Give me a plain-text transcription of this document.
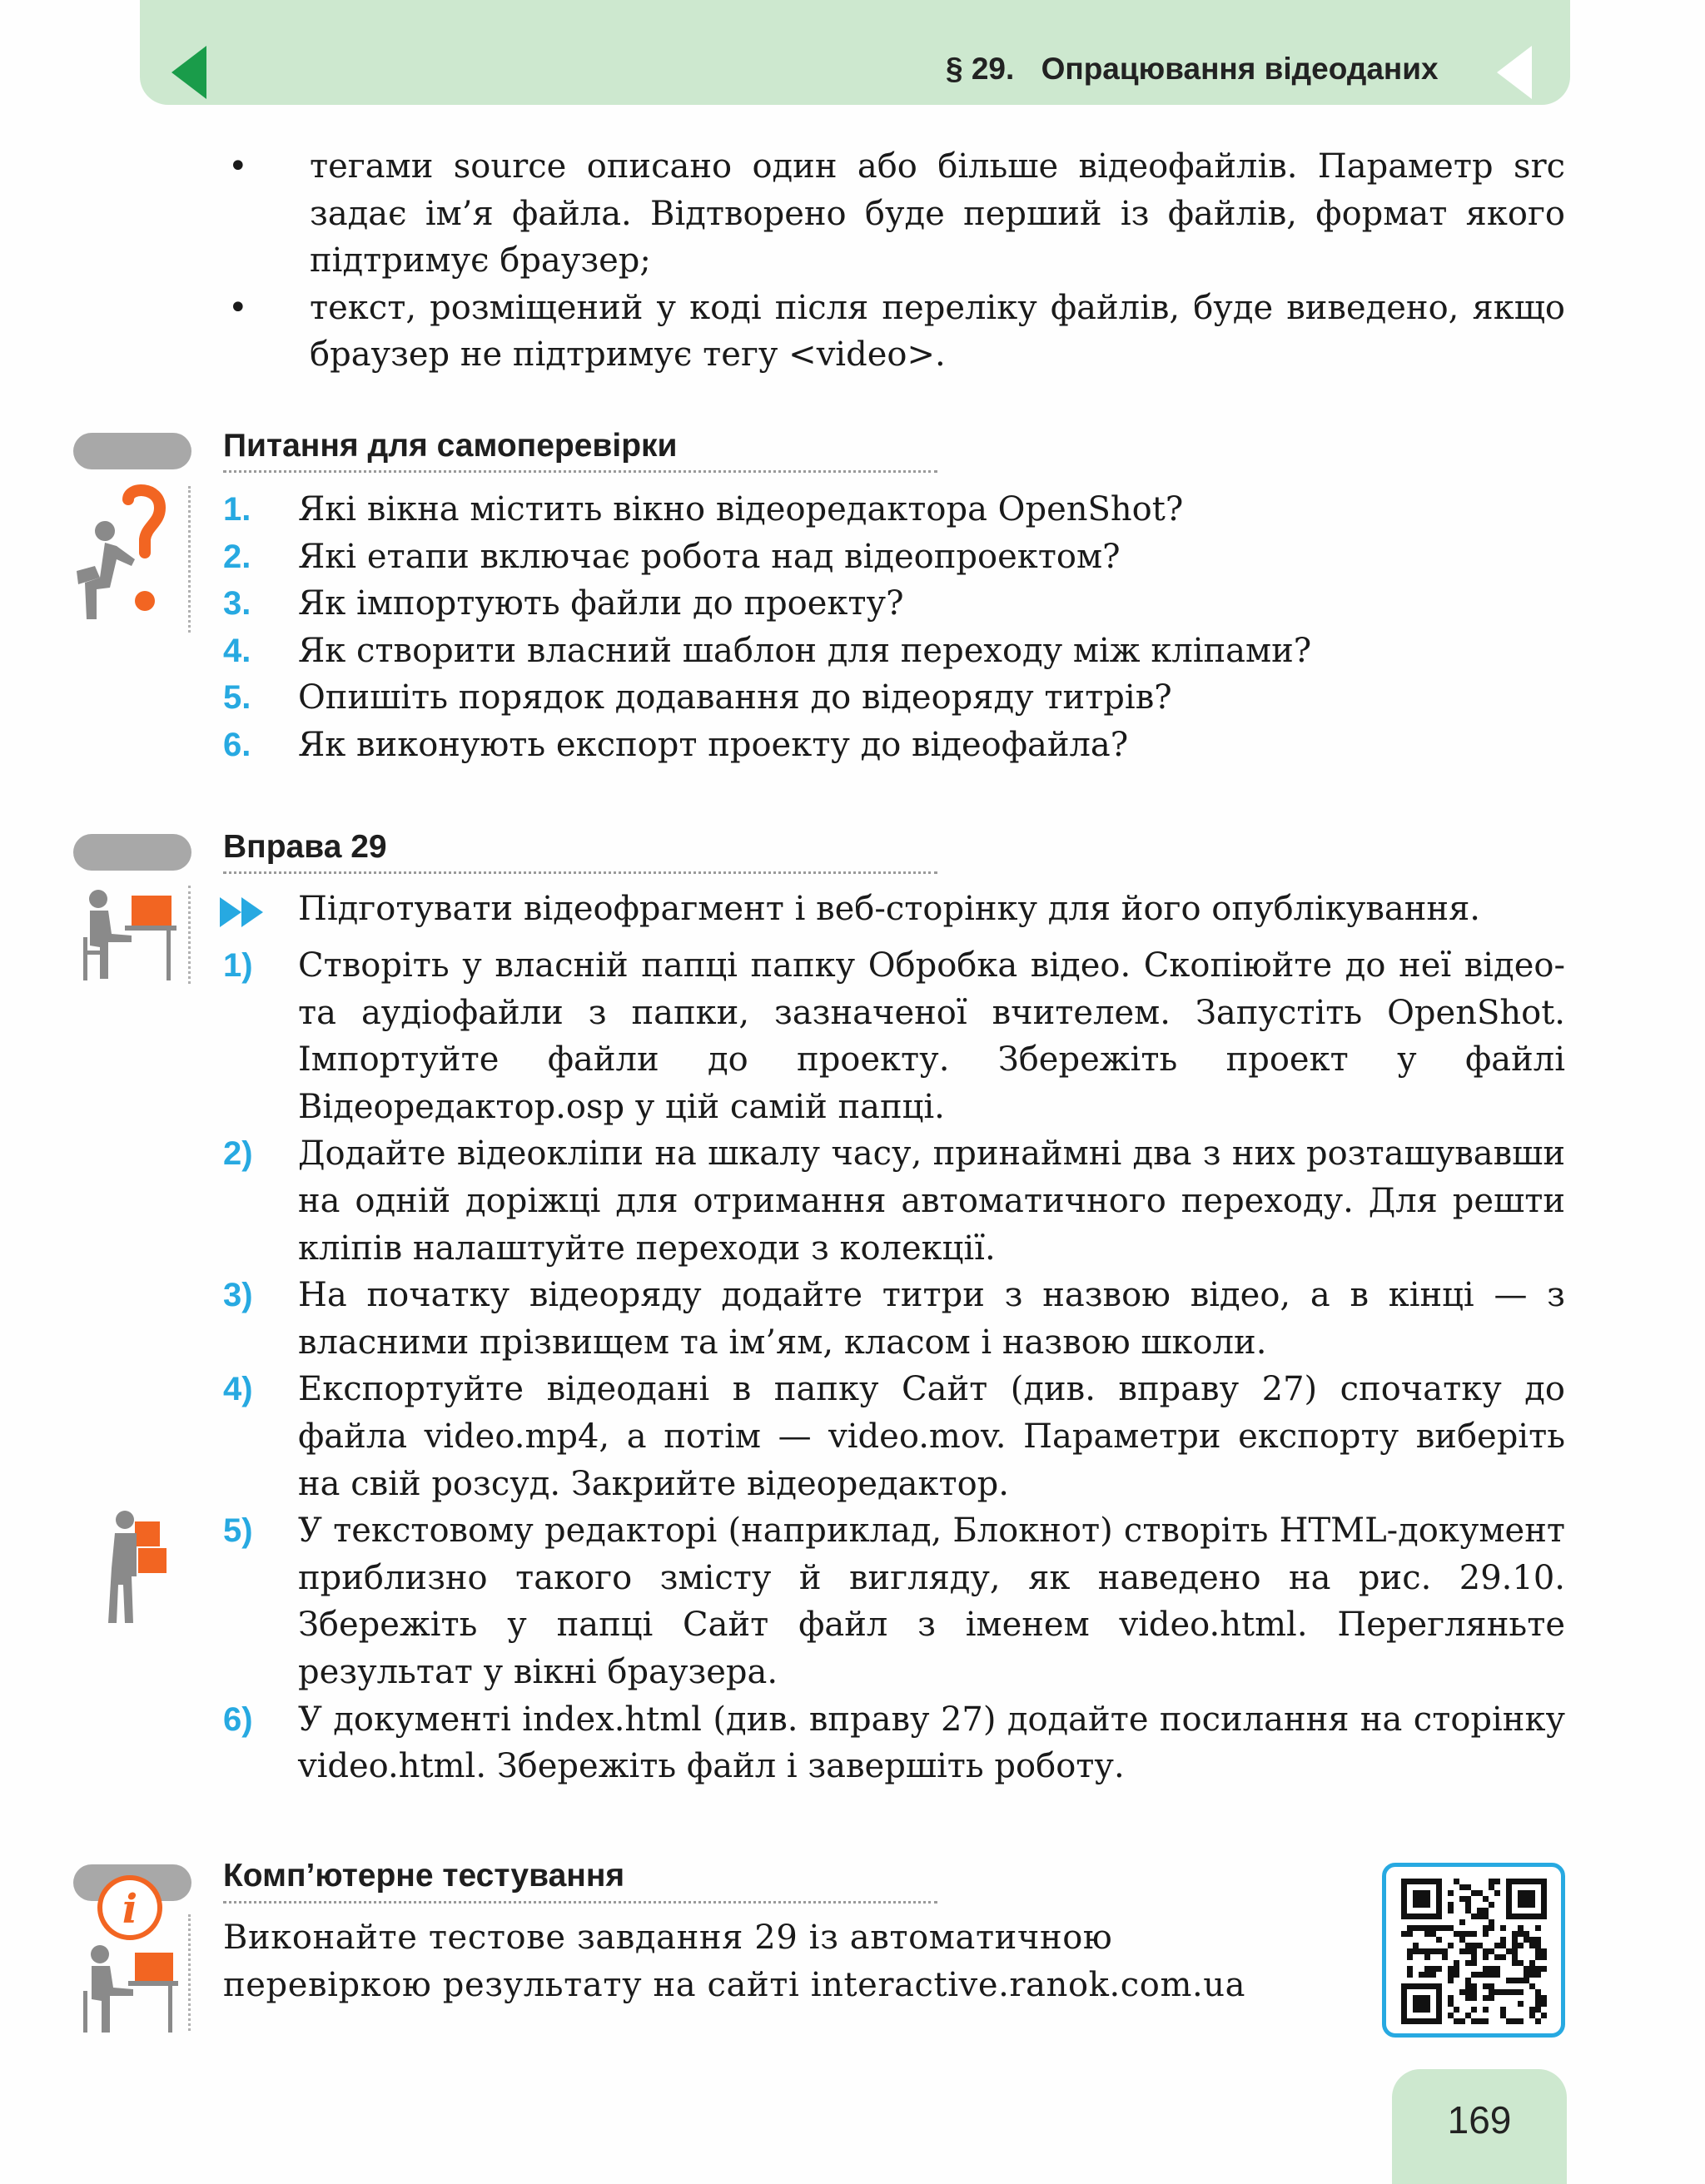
§ 29. Опрацювання відеоданих
• тегами source описано один або більше відеофайлів. Параметр src задає ім’я файла. Відтворено буде перший із файлів, формат якого підтримує браузер;
• текст, розміщений у коді після переліку файлів, буде виведено, якщо браузер не підтримує тегу <video>.
Питання для самоперевірки
1. Які вікна містить вікно відеоредактора OpenShot?
2. Які етапи включає робота над відеопроектом?
3. Як імпортують файли до проекту?
4. Як створити власний шаблон для переходу між кліпами?
5. Опишіть порядок додавання до відеоряду титрів?
6. Як виконують експорт проекту до відеофайла?
Вправа 29
Підготувати відеофрагмент і веб-сторінку для його опублікування.
1) Створіть у власній папці папку Обробка відео. Скопіюйте до неї відео- та аудіофайли з папки, зазначеної вчителем. Запустіть OpenShot. Імпортуйте файли до проекту. Збережіть проект у файлі Відеоредактор.osp у цій самій папці.
2) Додайте відеокліпи на шкалу часу, принаймні два з них розташувавши на одній доріжці для отримання автоматичного переходу. Для решти кліпів налаштуйте переходи з колекції.
3) На початку відеоряду додайте титри з назвою відео, а в кінці — з власними прізвищем та ім’ям, класом і назвою школи.
4) Експортуйте відеодані в папку Сайт (див. вправу 27) спочатку до файла video.mp4, а потім — video.mov. Параметри експорту виберіть на свій розсуд. Закрийте відеоредактор.
5) У текстовому редакторі (наприклад, Блокнот) створіть HTML-документ приблизно такого змісту й вигляду, як наведено на рис. 29.10. Збережіть у папці Сайт файл з іменем video.html. Перегляньте результат у вікні браузера.
6) У документі index.html (див. вправу 27) додайте посилання на сторінку video.html. Збережіть файл і завершіть роботу.
Комп’ютерне тестування
i
Виконайте тестове завдання 29 із автоматичною
перевіркою результату на сайті interactive.ranok.com.ua
169
